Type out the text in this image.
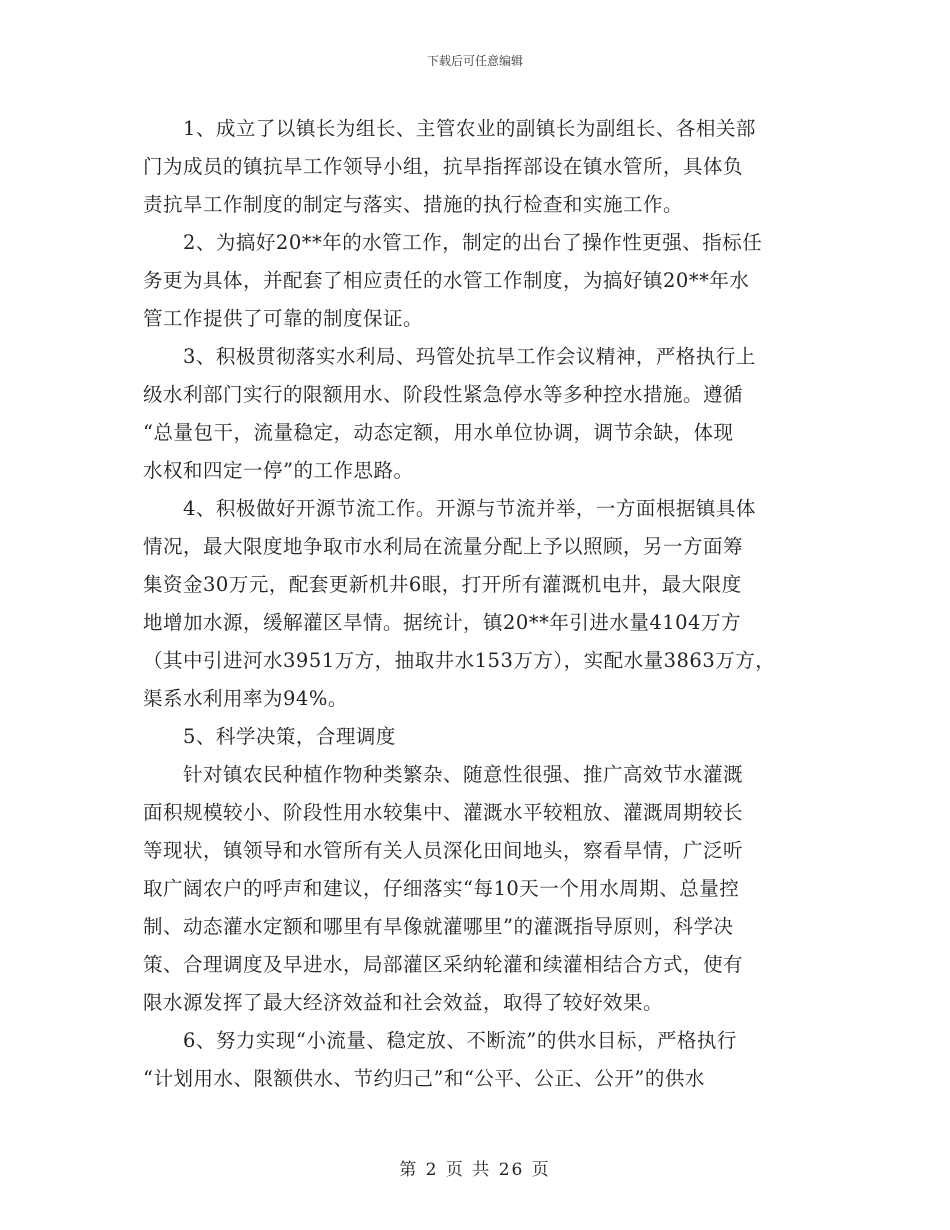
下载后可任意编辑
　　1、成立了以镇长为组长、主管农业的副镇长为副组长、各相关部
门为成员的镇抗旱工作领导小组，抗旱指挥部设在镇水管所，具体负
责抗旱工作制度的制定与落实、措施的执行检查和实施工作。
　　2、为搞好20**年的水管工作，制定的出台了操作性更强、指标任
务更为具体，并配套了相应责任的水管工作制度，为搞好镇20**年水
管工作提供了可靠的制度保证。
　　3、积极贯彻落实水利局、玛管处抗旱工作会议精神，严格执行上
级水利部门实行的限额用水、阶段性紧急停水等多种控水措施。遵循
“总量包干，流量稳定，动态定额，用水单位协调，调节余缺，体现
水权和四定一停”的工作思路。
　　4、积极做好开源节流工作。开源与节流并举，一方面根据镇具体
情况，最大限度地争取市水利局在流量分配上予以照顾，另一方面筹
集资金30万元，配套更新机井6眼，打开所有灌溉机电井，最大限度
地增加水源，缓解灌区旱情。据统计，镇20**年引进水量4104万方
（其中引进河水3951万方，抽取井水153万方），实配水量3863万方，
渠系水利用率为94%。
　　5、科学决策，合理调度
　　针对镇农民种植作物种类繁杂、随意性很强、推广高效节水灌溉
面积规模较小、阶段性用水较集中、灌溉水平较粗放、灌溉周期较长
等现状，镇领导和水管所有关人员深化田间地头，察看旱情，广泛听
取广阔农户的呼声和建议，仔细落实“每10天一个用水周期、总量控
制、动态灌水定额和哪里有旱像就灌哪里”的灌溉指导原则，科学决
策、合理调度及早进水，局部灌区采纳轮灌和续灌相结合方式，使有
限水源发挥了最大经济效益和社会效益，取得了较好效果。
　　6、努力实现“小流量、稳定放、不断流”的供水目标，严格执行
“计划用水、限额供水、节约归己”和“公平、公正、公开”的供水
第 2 页 共 26 页
